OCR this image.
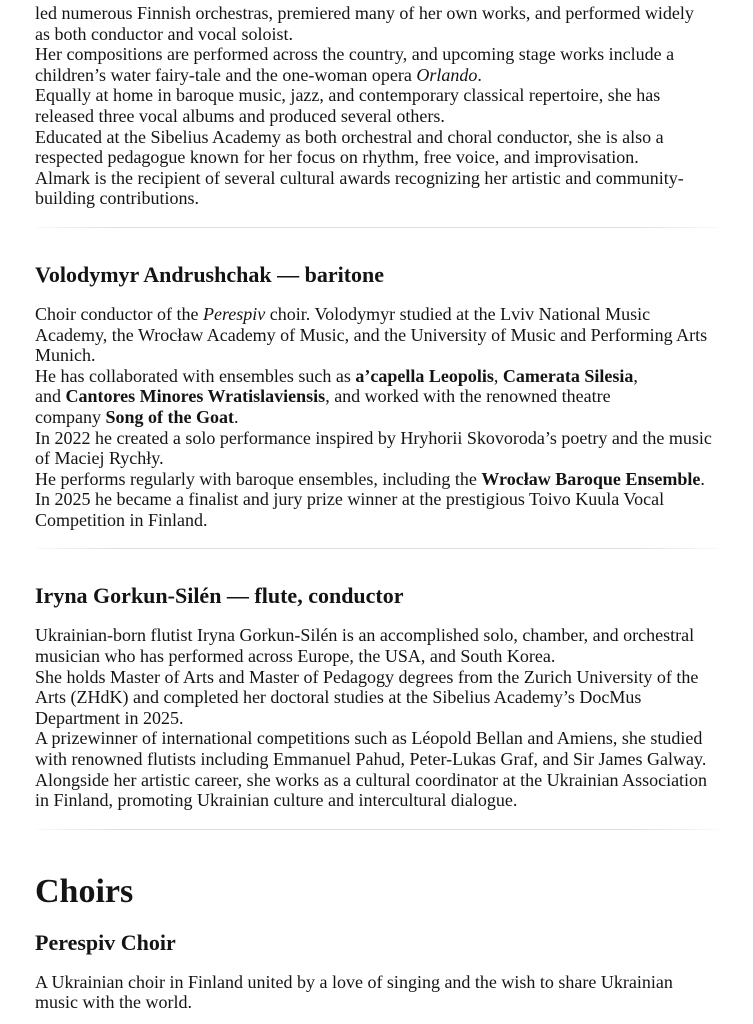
led numerous Finnish orchestras, premiered many of her own works, and performed widely
as both conductor and vocal soloist.
Her compositions are performed across the country, and upcoming stage works include a
children’s water fairy-tale and the one-woman opera Orlando.
Equally at home in baroque music, jazz, and contemporary classical repertoire, she has
released three vocal albums and produced several others.
Educated at the Sibelius Academy as both orchestral and choral conductor, she is also a
respected pedagogue known for her focus on rhythm, free voice, and improvisation.
Almark is the recipient of several cultural awards recognizing her artistic and community-
building contributions.

Volodymyr Andrushchak — baritone

Choir conductor of the Perespiv choir. Volodymyr studied at the Lviv National Music
Academy, the Wrocław Academy of Music, and the University of Music and Performing Arts
Munich.
He has collaborated with ensembles such as a’capella Leopolis, Camerata Silesia,
and Cantores Minores Wratislaviensis, and worked with the renowned theatre
company Song of the Goat.
In 2022 he created a solo performance inspired by Hryhorii Skovoroda’s poetry and the music
of Maciej Rychły.
He performs regularly with baroque ensembles, including the Wrocław Baroque Ensemble.
In 2025 he became a finalist and jury prize winner at the prestigious Toivo Kuula Vocal
Competition in Finland.

Iryna Gorkun-Silén — flute, conductor

Ukrainian-born flutist Iryna Gorkun-Silén is an accomplished solo, chamber, and orchestral
musician who has performed across Europe, the USA, and South Korea.
She holds Master of Arts and Master of Pedagogy degrees from the Zurich University of the
Arts (ZHdK) and completed her doctoral studies at the Sibelius Academy’s DocMus
Department in 2025.
A prizewinner of international competitions such as Léopold Bellan and Amiens, she studied
with renowned flutists including Emmanuel Pahud, Peter-Lukas Graf, and Sir James Galway.
Alongside her artistic career, she works as a cultural coordinator at the Ukrainian Association
in Finland, promoting Ukrainian culture and intercultural dialogue.

Choirs
Perespiv Choir

A Ukrainian choir in Finland united by a love of singing and the wish to share Ukrainian
music with the world.
